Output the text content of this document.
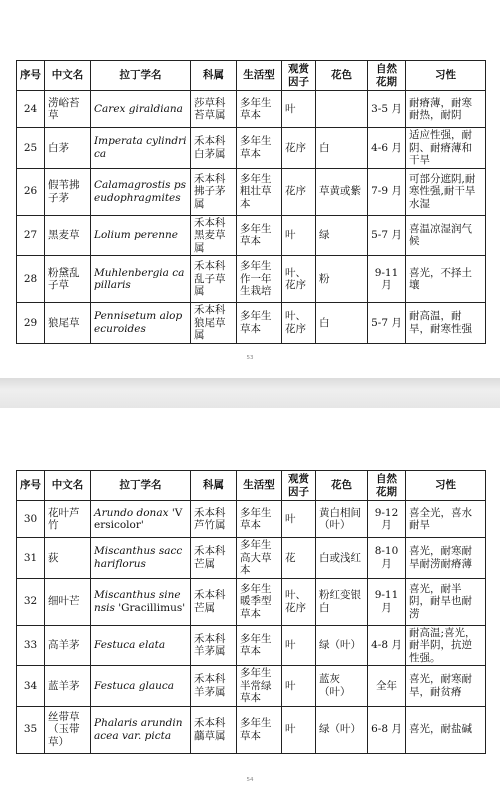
序号	中文名	拉丁学名	科属	生活型	观赏因子	花色	自然花期	习性
24	涝峪苔草	Carex giraldiana	莎草科苔草属	多年生草本	叶		3-5 月	耐瘠薄，耐寒耐热，耐阴
25	白茅	Imperata cylindrica	禾本科白茅属	多年生草本	花序	白	4-6 月	适应性强，耐阴、耐瘠薄和干旱
26	假苇拂子茅	Calamagrostis pseudophragmites	禾本科拂子茅属	多年生粗壮草本	花序	草黄或紫	7-9 月	可部分遮阴,耐寒性强,耐干旱水湿
27	黑麦草	Lolium perenne	禾本科黑麦草属	多年生草本	叶	绿	5-7 月	喜温凉湿润气候
28	粉黛乱子草	Muhlenbergia capillaris	禾本科乱子草属	多年生作一年生栽培	叶、花序	粉	9-11 月	喜光，不择土壤
29	狼尾草	Pennisetum alopecuroides	禾本科狼尾草属	多年生草本	叶、花序	白	5-7 月	耐高温，耐旱，耐寒性强
53
序号	中文名	拉丁学名	科属	生活型	观赏因子	花色	自然花期	习性
30	花叶芦竹	Arundo donax 'Versicolor'	禾本科芦竹属	多年生草本	叶	黄白相间（叶）	9-12 月	喜全光，喜水耐旱
31	荻	Miscanthus sacchariflorus	禾本科芒属	多年生高大草本	花	白或浅红	8-10 月	喜光，耐寒耐旱耐涝耐瘠薄
32	细叶芒	Miscanthus sinensis 'Gracillimus'	禾本科芒属	多年生暖季型草本	叶、花序	粉红变银白	9-11 月	喜光，耐半阴，耐旱也耐涝
33	高羊茅	Festuca elata	禾本科羊茅属	多年生草本	叶	绿（叶）	4-8 月	耐高温;喜光，耐半阴，抗逆性强。
34	蓝羊茅	Festuca glauca	禾本科羊茅属	多年生半常绿草本	叶	蓝灰（叶）	全年	喜光，耐寒耐旱，耐贫瘠
35	丝带草（玉带草）	Phalaris arundinacea var. picta	禾本科虉草属	多年生草本	叶	绿（叶）	6-8 月	喜光，耐盐碱
54
